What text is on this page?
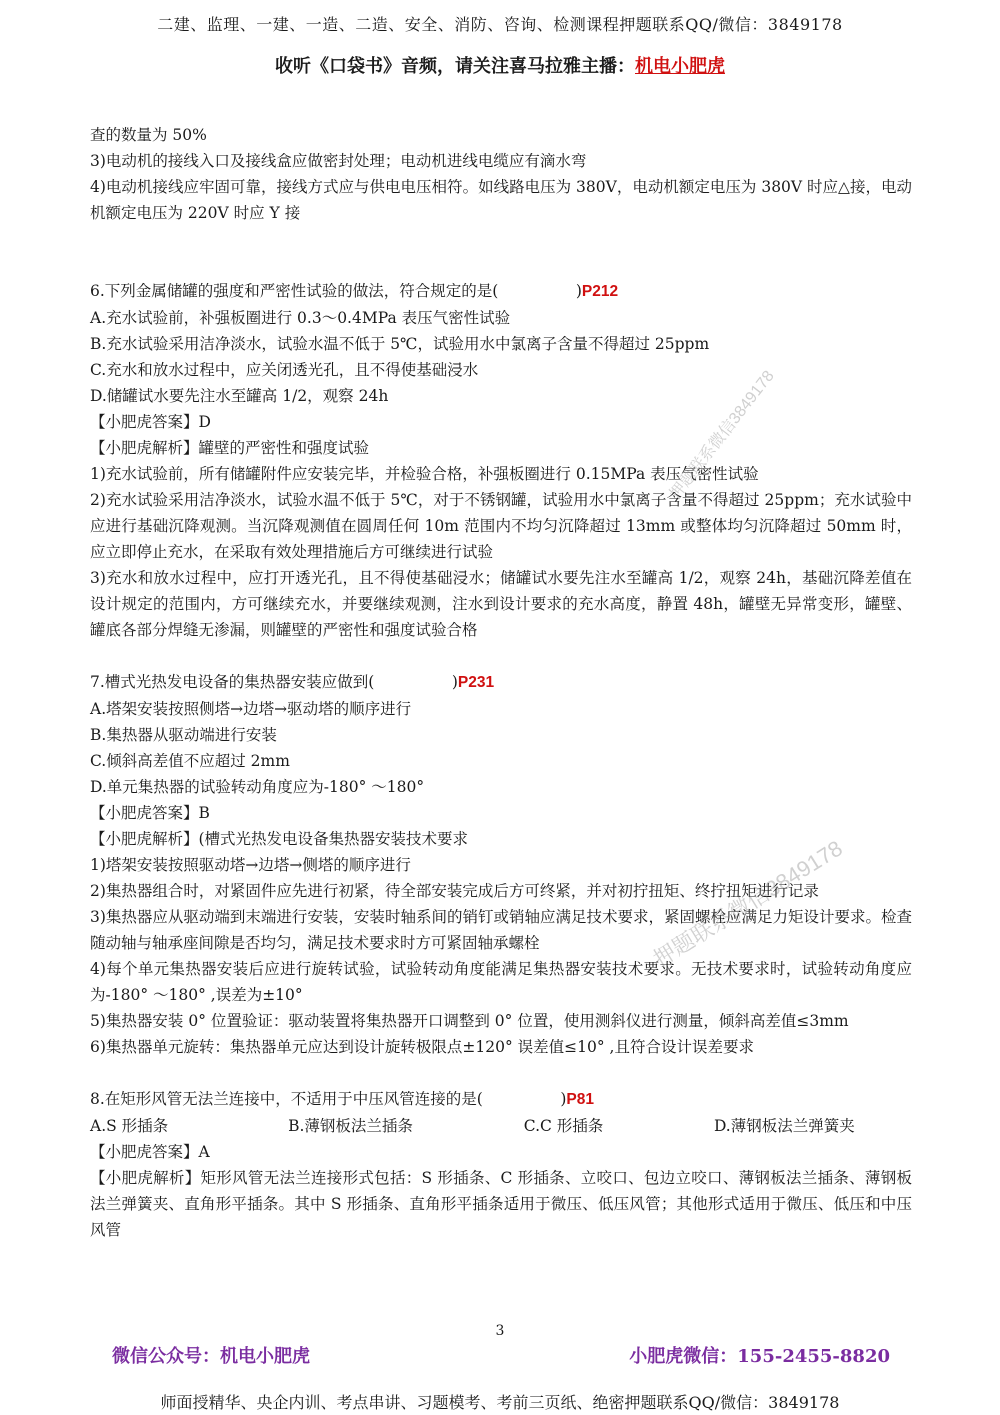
二建、监理、一建、一造、二造、安全、消防、咨询、检测课程押题联系QQ/微信：3849178
收听《口袋书》音频，请关注喜马拉雅主播：机电小肥虎

查的数量为 50%

3)电动机的接线入口及接线盒应做密封处理；电动机进线电缆应有滴水弯

4)电动机接线应牢固可靠，接线方式应与供电电压相符。如线路电压为 380V，电动机额定电压为 380V 时应△接，电动机额定电压为 220V 时应 Y 接

6.下列金属储罐的强度和严密性试验的做法，符合规定的是(　　　　　)P212

A.充水试验前，补强板圈进行 0.3～0.4MPa 表压气密性试验

B.充水试验采用洁净淡水，试验水温不低于 5℃，试验用水中氯离子含量不得超过 25ppm

C.充水和放水过程中，应关闭透光孔，且不得使基础浸水

D.储罐试水要先注水至罐高 1/2，观察 24h

【小肥虎答案】D

【小肥虎解析】罐壁的严密性和强度试验

1)充水试验前，所有储罐附件应安装完毕，并检验合格，补强板圈进行 0.15MPa 表压气密性试验

2)充水试验采用洁净淡水，试验水温不低于 5℃，对于不锈钢罐，试验用水中氯离子含量不得超过 25ppm；充水试验中应进行基础沉降观测。当沉降观测值在圆周任何 10m 范围内不均匀沉降超过 13mm 或整体均匀沉降超过 50mm 时，应立即停止充水，在采取有效处理措施后方可继续进行试验

3)充水和放水过程中，应打开透光孔，且不得使基础浸水；储罐试水要先注水至罐高 1/2，观察 24h，基础沉降差值在设计规定的范围内，方可继续充水，并要继续观测，注水到设计要求的充水高度，静置 48h，罐壁无异常变形，罐壁、罐底各部分焊缝无渗漏，则罐壁的严密性和强度试验合格

7.槽式光热发电设备的集热器安装应做到(　　　　　)P231

A.塔架安装按照侧塔→边塔→驱动塔的顺序进行

B.集热器从驱动端进行安装

C.倾斜高差值不应超过 2mm

D.单元集热器的试验转动角度应为-180° ～180°

【小肥虎答案】B

【小肥虎解析】(槽式光热发电设备集热器安装技术要求

1)塔架安装按照驱动塔→边塔→侧塔的顺序进行

2)集热器组合时，对紧固件应先进行初紧，待全部安装完成后方可终紧，并对初拧扭矩、终拧扭矩进行记录

3)集热器应从驱动端到末端进行安装，安装时轴系间的销钉或销轴应满足技术要求，紧固螺栓应满足力矩设计要求。检查随动轴与轴承座间隙是否均匀，满足技术要求时方可紧固轴承螺栓

4)每个单元集热器安装后应进行旋转试验，试验转动角度能满足集热器安装技术要求。无技术要求时，试验转动角度应为-180° ～180° ,误差为±10°

5)集热器安装 0° 位置验证：驱动装置将集热器开口调整到 0° 位置，使用测斜仪进行测量，倾斜高差值≤3mm

6)集热器单元旋转：集热器单元应达到设计旋转极限点±120° 误差值≤10° ,且符合设计误差要求

8.在矩形风管无法兰连接中，不适用于中压风管连接的是(　　　　　)P81

A.S 形插条	B.薄钢板法兰插条	C.C 形插条	D.薄钢板法兰弹簧夹

【小肥虎答案】A

【小肥虎解析】矩形风管无法兰连接形式包括：S 形插条、C 形插条、立咬口、包边立咬口、薄钢板法兰插条、薄钢板法兰弹簧夹、直角形平插条。其中 S 形插条、直角形平插条适用于微压、低压风管；其他形式适用于微压、低压和中压风管

押题联系微信3849178
押题联系微信3849178
3
微信公众号：机电小肥虎	小肥虎微信：155-2455-8820
师面授精华、央企内训、考点串讲、习题模考、考前三页纸、绝密押题联系QQ/微信：3849178
